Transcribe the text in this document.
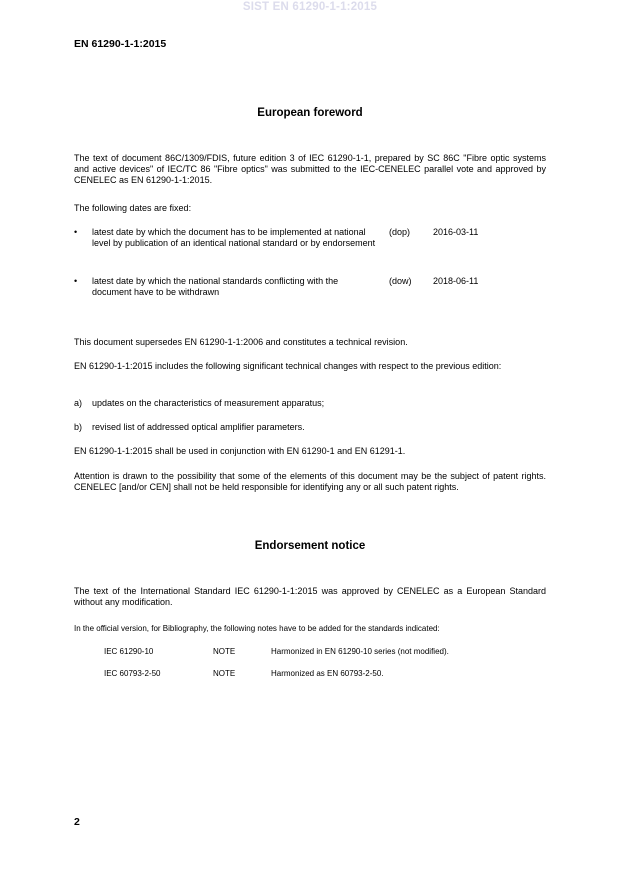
SIST EN 61290-1-1:2015
EN 61290-1-1:2015
European foreword
The text of document 86C/1309/FDIS, future edition 3 of IEC 61290-1-1, prepared by SC 86C "Fibre optic systems and active devices" of IEC/TC 86 "Fibre optics" was submitted to the IEC-CENELEC parallel vote and approved by CENELEC as EN 61290-1-1:2015.
The following dates are fixed:
• latest date by which the document has to be implemented at national level by publication of an identical national standard or by endorsement
(dop)	2016-03-11
• latest date by which the national standards conflicting with the document have to be withdrawn
(dow) 2018-06-11
This document supersedes EN 61290-1-1:2006 and constitutes a technical revision.
EN 61290-1-1:2015 includes the following significant technical changes with respect to the previous edition:
a) updates on the characteristics of measurement apparatus;
b) revised list of addressed optical amplifier parameters.
EN 61290-1-1:2015 shall be used in conjunction with EN 61290-1 and EN 61291-1.
Attention is drawn to the possibility that some of the elements of this document may be the subject of patent rights. CENELEC [and/or CEN] shall not be held responsible for identifying any or all such patent rights.
Endorsement notice
The text of the International Standard IEC 61290-1-1:2015 was approved by CENELEC as a European Standard without any modification.
In the official version, for Bibliography, the following notes have to be added for the standards indicated:
IEC 61290-10	NOTE	Harmonized in EN 61290-10 series (not modified).
IEC 60793-2-50	NOTE	Harmonized as EN 60793-2-50.
2
